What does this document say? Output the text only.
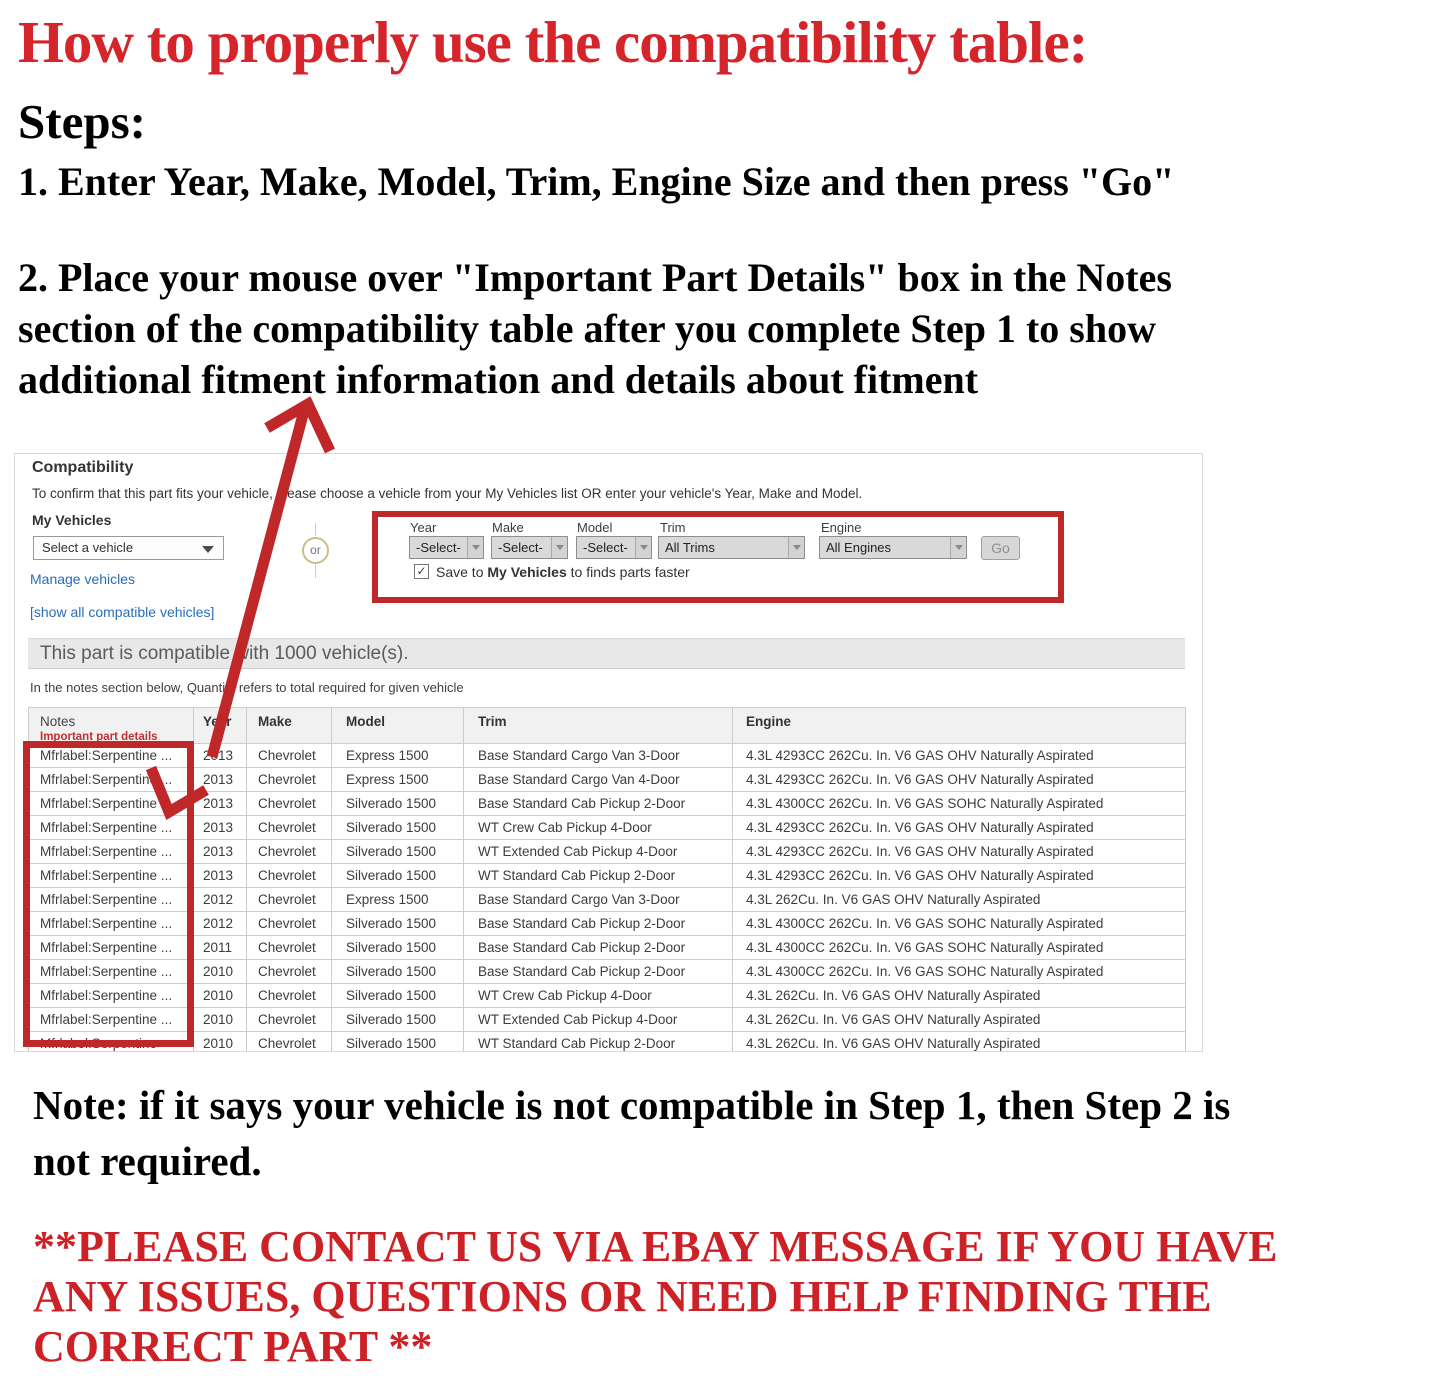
How to properly use the compatibility table:
Steps:
1. Enter Year, Make, Model, Trim, Engine Size and then press "Go"
2. Place your mouse over "Important Part Details" box in the Notes
section of the compatibility table after you complete Step 1 to show
additional fitment information and details about fitment
Compatibility
To confirm that this part fits your vehicle, please choose a vehicle from your My Vehicles list OR enter your vehicle's Year, Make and Model.
My Vehicles
Select a vehicle
Manage vehicles
[show all compatible vehicles]
or
Year	Make	Model	Trim	Engine
-Select-	-Select-	-Select-	All Trims	All Engines	Go
✓ Save to My Vehicles to finds parts faster
This part is compatible with 1000 vehicle(s).
In the notes section below, Quantity refers to total required for given vehicle
Notes
Important part details	Year	Make	Model	Trim	Engine
Mfrlabel:Serpentine ...	2013	Chevrolet	Express 1500	Base Standard Cargo Van 3-Door	4.3L 4293CC 262Cu. In. V6 GAS OHV Naturally Aspirated
Mfrlabel:Serpentine ...	2013	Chevrolet	Express 1500	Base Standard Cargo Van 4-Door	4.3L 4293CC 262Cu. In. V6 GAS OHV Naturally Aspirated
Mfrlabel:Serpentine ...	2013	Chevrolet	Silverado 1500	Base Standard Cab Pickup 2-Door	4.3L 4300CC 262Cu. In. V6 GAS SOHC Naturally Aspirated
Mfrlabel:Serpentine ...	2013	Chevrolet	Silverado 1500	WT Crew Cab Pickup 4-Door	4.3L 4293CC 262Cu. In. V6 GAS OHV Naturally Aspirated
Mfrlabel:Serpentine ...	2013	Chevrolet	Silverado 1500	WT Extended Cab Pickup 4-Door	4.3L 4293CC 262Cu. In. V6 GAS OHV Naturally Aspirated
Mfrlabel:Serpentine ...	2013	Chevrolet	Silverado 1500	WT Standard Cab Pickup 2-Door	4.3L 4293CC 262Cu. In. V6 GAS OHV Naturally Aspirated
Mfrlabel:Serpentine ...	2012	Chevrolet	Express 1500	Base Standard Cargo Van 3-Door	4.3L 262Cu. In. V6 GAS OHV Naturally Aspirated
Mfrlabel:Serpentine ...	2012	Chevrolet	Silverado 1500	Base Standard Cab Pickup 2-Door	4.3L 4300CC 262Cu. In. V6 GAS SOHC Naturally Aspirated
Mfrlabel:Serpentine ...	2011	Chevrolet	Silverado 1500	Base Standard Cab Pickup 2-Door	4.3L 4300CC 262Cu. In. V6 GAS SOHC Naturally Aspirated
Mfrlabel:Serpentine ...	2010	Chevrolet	Silverado 1500	Base Standard Cab Pickup 2-Door	4.3L 4300CC 262Cu. In. V6 GAS SOHC Naturally Aspirated
Mfrlabel:Serpentine ...	2010	Chevrolet	Silverado 1500	WT Crew Cab Pickup 4-Door	4.3L 262Cu. In. V6 GAS OHV Naturally Aspirated
Mfrlabel:Serpentine ...	2010	Chevrolet	Silverado 1500	WT Extended Cab Pickup 4-Door	4.3L 262Cu. In. V6 GAS OHV Naturally Aspirated
Mfrlabel:Serpentine	2010	Chevrolet	Silverado 1500	WT Standard Cab Pickup 2-Door	4.3L 262Cu. In. V6 GAS OHV Naturally Aspirated
Note: if it says your vehicle is not compatible in Step 1, then Step 2 is
not required.
**PLEASE CONTACT US VIA EBAY MESSAGE IF YOU HAVE
ANY ISSUES, QUESTIONS OR NEED HELP FINDING THE
CORRECT PART **
